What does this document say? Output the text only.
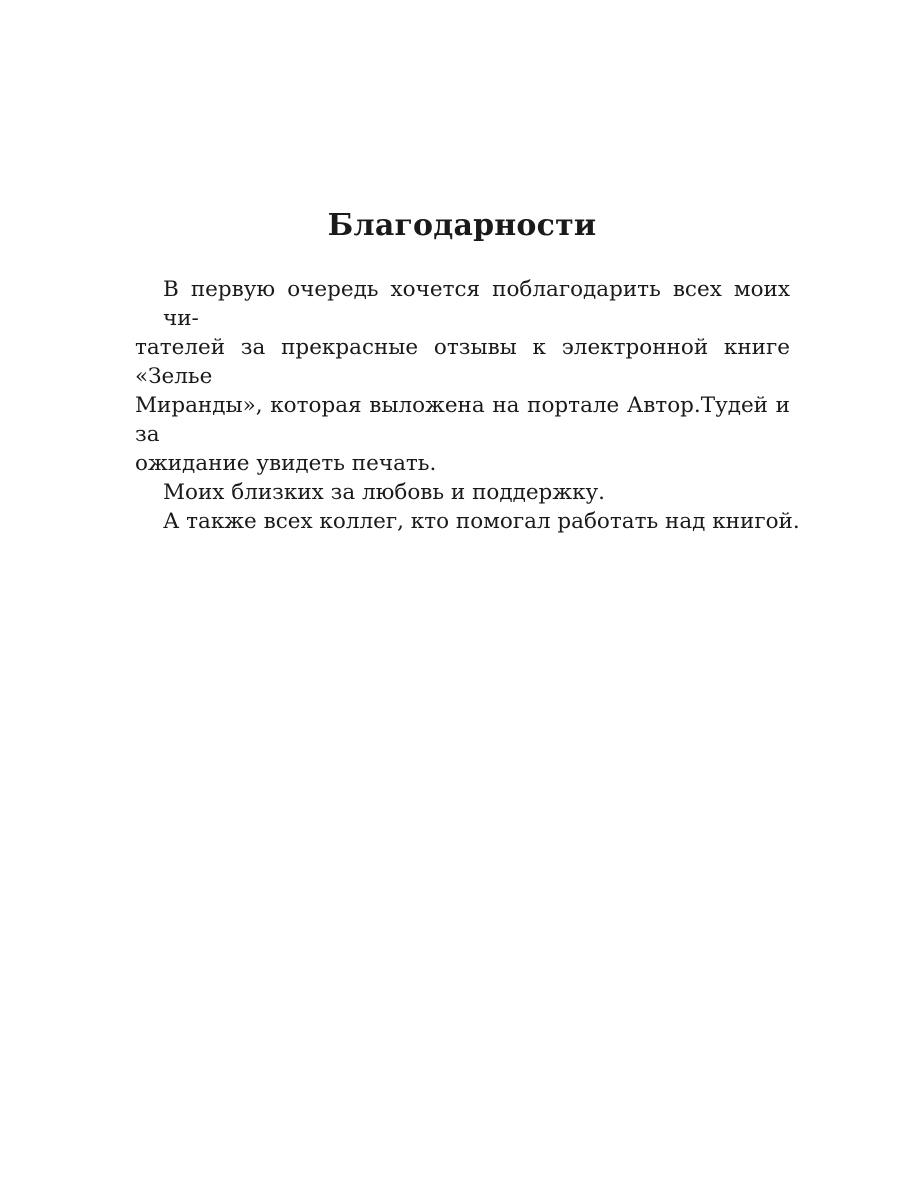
Благодарности

В первую очередь хочется поблагодарить всех моих чи-
тателей за прекрасные отзывы к электронной книге «Зелье
Миранды», которая выложена на портале Автор.Тудей и за
ожидание увидеть печать.

Моих близких за любовь и поддержку.

А также всех коллег, кто помогал работать над книгой.
